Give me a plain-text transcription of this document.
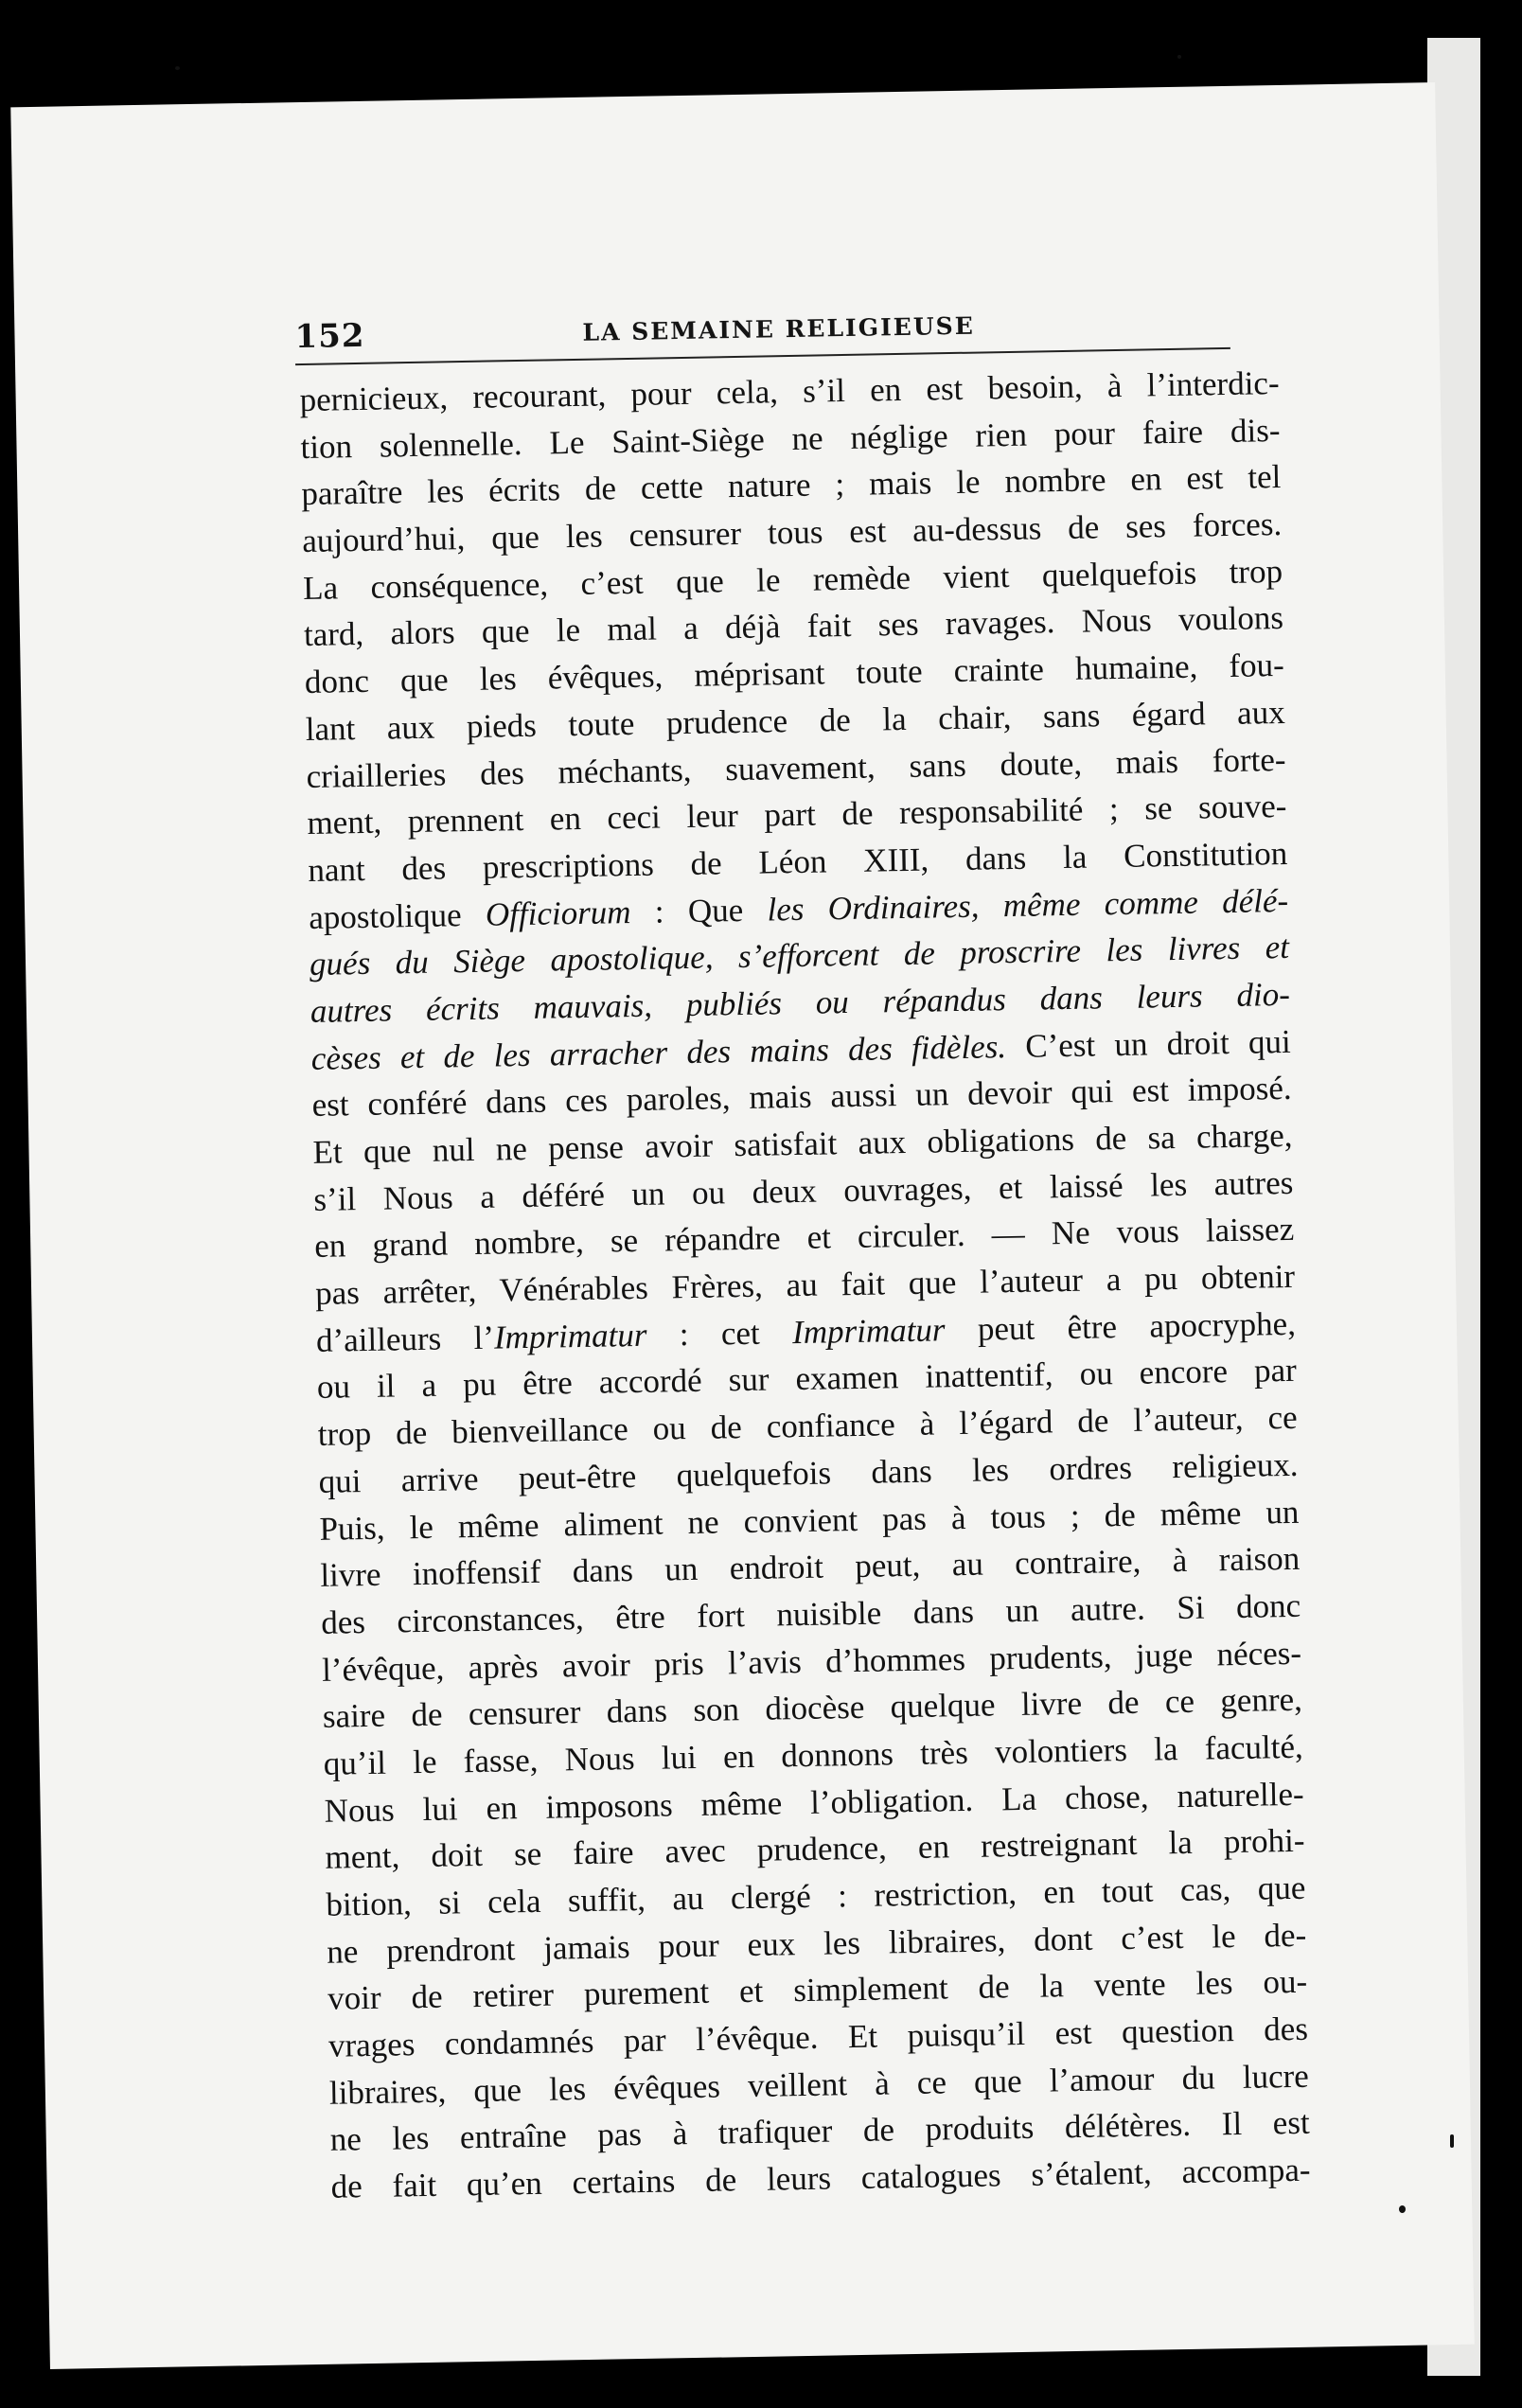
152	LA SEMAINE RELIGIEUSE
pernicieux, recourant, pour cela, s’il en est besoin, à l’interdic-
tion solennelle. Le Saint-Siège ne néglige rien pour faire dis-
paraître les écrits de cette nature ; mais le nombre en est tel
aujourd’hui, que les censurer tous est au-dessus de ses forces.
La conséquence, c’est que le remède vient quelquefois trop
tard, alors que le mal a déjà fait ses ravages. Nous voulons
donc que les évêques, méprisant toute crainte humaine, fou-
lant aux pieds toute prudence de la chair, sans égard aux
criailleries des méchants, suavement, sans doute, mais forte-
ment, prennent en ceci leur part de responsabilité ; se souve-
nant des prescriptions de Léon XIII, dans la Constitution
apostolique Officiorum : Que les Ordinaires, même comme délé-
gués du Siège apostolique, s’efforcent de proscrire les livres et
autres écrits mauvais, publiés ou répandus dans leurs dio-
cèses et de les arracher des mains des fidèles. C’est un droit qui
est conféré dans ces paroles, mais aussi un devoir qui est imposé.
Et que nul ne pense avoir satisfait aux obligations de sa charge,
s’il Nous a déféré un ou deux ouvrages, et laissé les autres
en grand nombre, se répandre et circuler. — Ne vous laissez
pas arrêter, Vénérables Frères, au fait que l’auteur a pu obtenir
d’ailleurs l’Imprimatur : cet Imprimatur peut être apocryphe,
ou il a pu être accordé sur examen inattentif, ou encore par
trop de bienveillance ou de confiance à l’égard de l’auteur, ce
qui arrive peut-être quelquefois dans les ordres religieux.
Puis, le même aliment ne convient pas à tous ; de même un
livre inoffensif dans un endroit peut, au contraire, à raison
des circonstances, être fort nuisible dans un autre. Si donc
l’évêque, après avoir pris l’avis d’hommes prudents, juge néces-
saire de censurer dans son diocèse quelque livre de ce genre,
qu’il le fasse, Nous lui en donnons très volontiers la faculté,
Nous lui en imposons même l’obligation. La chose, naturelle-
ment, doit se faire avec prudence, en restreignant la prohi-
bition, si cela suffit, au clergé : restriction, en tout cas, que
ne prendront jamais pour eux les libraires, dont c’est le de-
voir de retirer purement et simplement de la vente les ou-
vrages condamnés par l’évêque. Et puisqu’il est question des
libraires, que les évêques veillent à ce que l’amour du lucre
ne les entraîne pas à trafiquer de produits délétères. Il est
de fait qu’en certains de leurs catalogues s’étalent, accompa-
